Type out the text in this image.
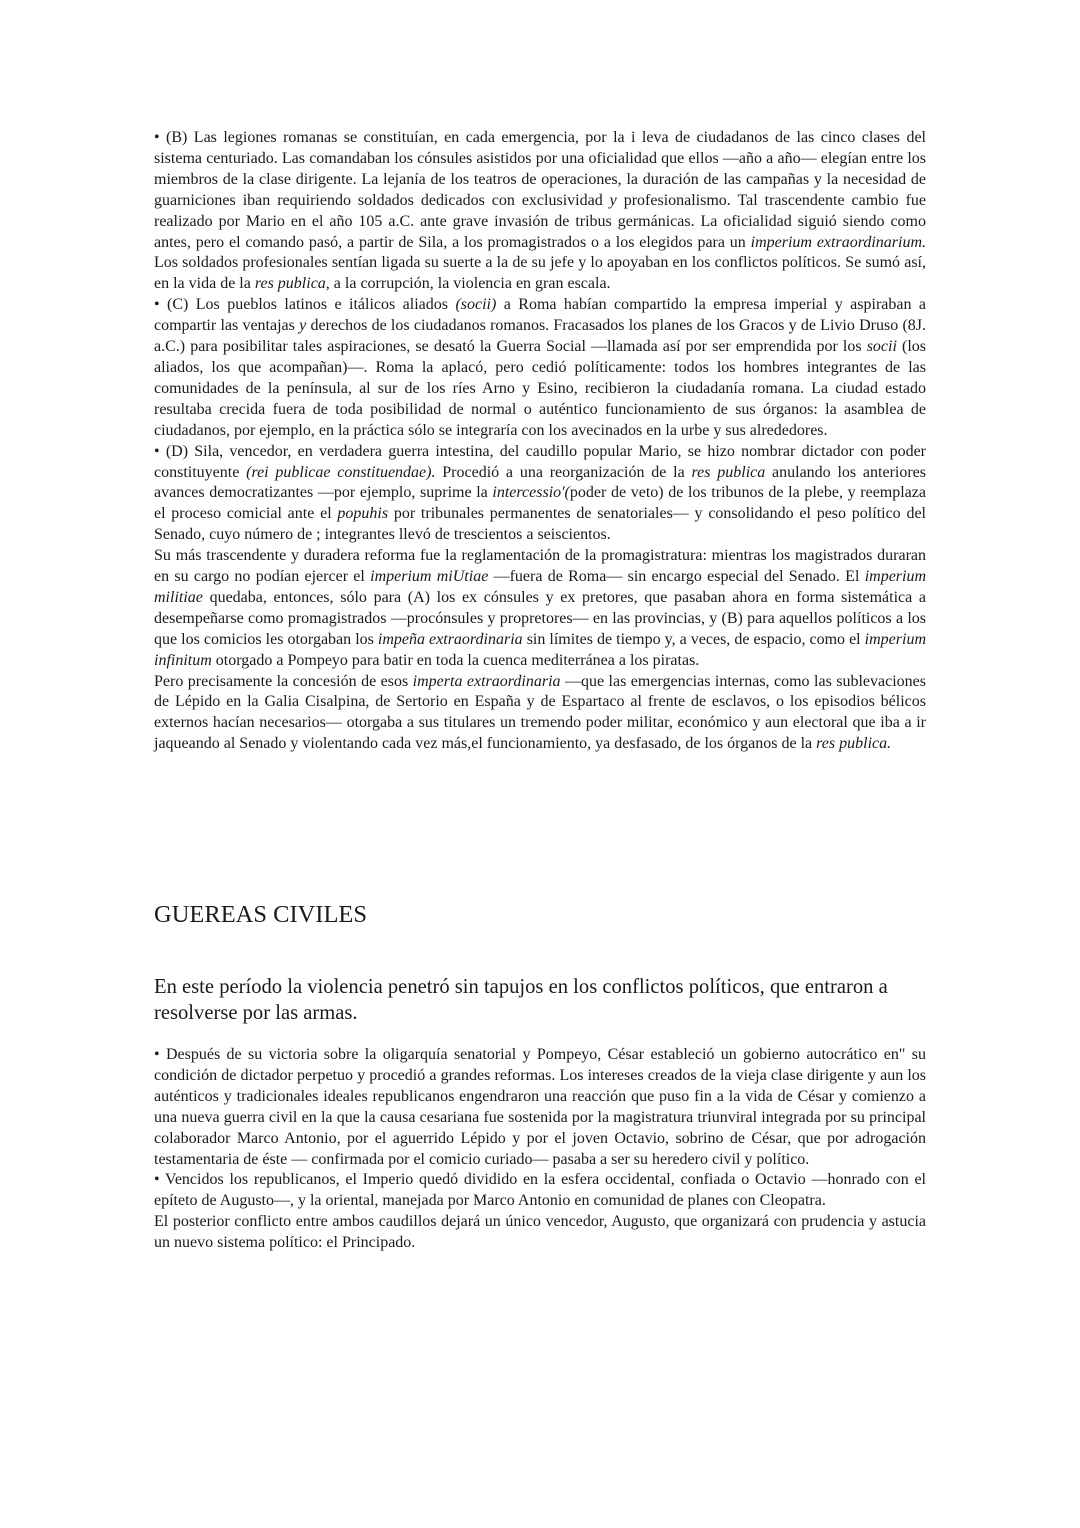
• (B) Las legiones romanas se constituían, en cada emergencia, por la i leva de ciudadanos de las cinco clases del sistema centuriado. Las comandaban los cónsules asistidos por una oficialidad que ellos —año a año— elegían entre los miembros de la clase dirigente. La lejanía de los teatros de operaciones, la duración de las campañas y la necesidad de guarniciones iban requiriendo soldados dedicados con exclusividad y profesionalismo. Tal trascendente cambio fue realizado por Mario en el año 105 a.C. ante grave invasión de tribus germánicas. La oficialidad siguió siendo como antes, pero el comando pasó, a partir de Sila, a los promagistrados o a los elegidos para un imperium extraordinarium. Los soldados profesionales sentían ligada su suerte a la de su jefe y lo apoyaban en los conflictos políticos. Se sumó así, en la vida de la res publica, a la corrupción, la violencia en gran escala.

• (C) Los pueblos latinos e itálicos aliados (socii) a Roma habían compartido la empresa imperial y aspiraban a compartir las ventajas y derechos de los ciudadanos romanos. Fracasados los planes de los Gracos y de Livio Druso (8J. a.C.) para posibilitar tales aspiraciones, se desató la Guerra Social —llamada así por ser emprendida por los socii (los aliados, los que acompañan)—. Roma la aplacó, pero cedió políticamente: todos los hombres integrantes de las comunidades de la península, al sur de los ríes Arno y Esino, recibieron la ciudadanía romana. La ciudad estado resultaba crecida fuera de toda posibilidad de normal o auténtico funcionamiento de sus órganos: la asamblea de ciudadanos, por ejemplo, en la práctica sólo se integraría con los avecinados en la urbe y sus alrededores.

• (D) Sila, vencedor, en verdadera guerra intestina, del caudillo popular Mario, se hizo nombrar dictador con poder constituyente (rei publicae constituendae). Procedió a una reorganización de la res publica anulando los anteriores avances democratizantes —por ejemplo, suprime la intercessio'(poder de veto) de los tribunos de la plebe, y reemplaza el proceso comicial ante el popuhis por tribunales permanentes de senatoriales— y consolidando el peso político del Senado, cuyo número de ; integrantes llevó de trescientos a seiscientos.

Su más trascendente y duradera reforma fue la reglamentación de la promagistratura: mientras los magistrados duraran en su cargo no podían ejercer el imperium miUtiae —fuera de Roma— sin encargo especial del Senado. El imperium militiae quedaba, entonces, sólo para (A) los ex cónsules y ex pretores, que pasaban ahora en forma sistemática a desempeñarse como promagistrados —procónsules y propretores— en las provincias, y (B) para aquellos políticos a los que los comicios les otorgaban los impeña extraordinaria sin límites de tiempo y, a veces, de espacio, como el imperium infinitum otorgado a Pompeyo para batir en toda la cuenca mediterránea a los piratas.

Pero precisamente la concesión de esos imperta extraordinaria —que las emergencias internas, como las sublevaciones de Lépido en la Galia Cisalpina, de Sertorio en España y de Espartaco al frente de esclavos, o los episodios bélicos externos hacían necesarios— otorgaba a sus titulares un tremendo poder militar, económico y aun electoral que iba a ir jaqueando al Senado y violentando cada vez más,el funcionamiento, ya desfasado, de los órganos de la res publica.

GUEREAS CIVILES

En este período la violencia penetró sin tapujos en los conflictos políticos, que entraron a resolverse por las armas.

• Después de su victoria sobre la oligarquía senatorial y Pompeyo, César estableció un gobierno autocrático en" su condición de dictador perpetuo y procedió a grandes reformas. Los intereses creados de la vieja clase dirigente y aun los auténticos y tradicionales ideales republicanos engendraron una reacción que puso fin a la vida de César y comienzo a una nueva guerra civil en la que la causa cesariana fue sostenida por la magistratura triunviral integrada por su principal colaborador Marco Antonio, por el aguerrido Lépido y por el joven Octavio, sobrino de César, que por adrogación testamentaria de éste — confirmada por el comicio curiado— pasaba a ser su heredero civil y político.

• Vencidos los republicanos, el Imperio quedó dividido en la esfera occidental, confiada o Octavio —honrado con el epíteto de Augusto—, y la oriental, manejada por Marco Antonio en comunidad de planes con Cleopatra.

El posterior conflicto entre ambos caudillos dejará un único vencedor, Augusto, que organizará con prudencia y astucia un nuevo sistema político: el Principado.
